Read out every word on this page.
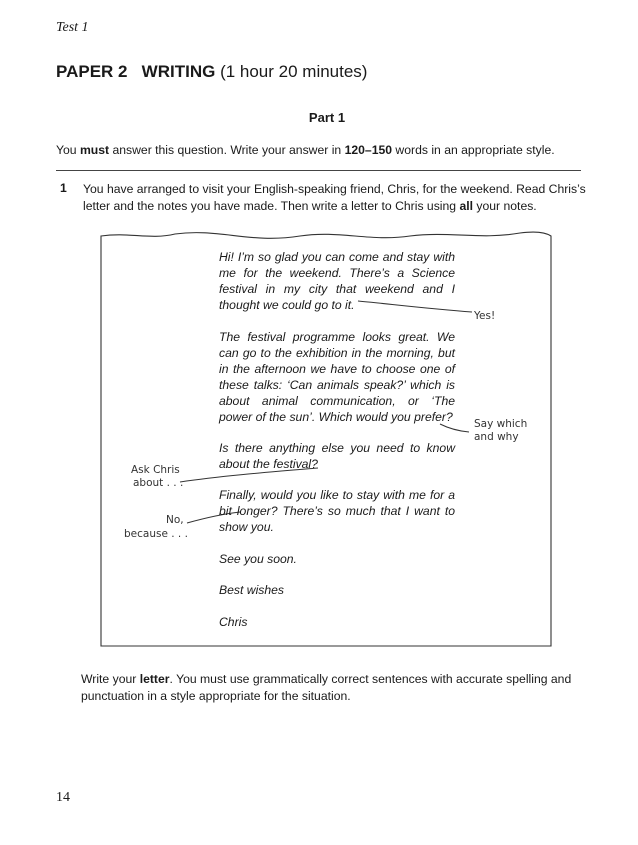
Test 1
PAPER 2 WRITING (1 hour 20 minutes)
Part 1
You must answer this question. Write your answer in 120–150 words in an appropriate style.
1 You have arranged to visit your English-speaking friend, Chris, for the weekend. Read Chris’s letter and the notes you have made. Then write a letter to Chris using all your notes.

Hi! I’m so glad you can come and stay with me for the weekend. There’s a Science festival in my city that weekend and I thought we could go to it.

The festival programme looks great. We can go to the exhibition in the morning, but in the afternoon we have to choose one of these talks: ‘Can animals speak?’ which is about animal communication, or ‘The power of the sun’. Which would you prefer?

Is there anything else you need to know about the festival?

Finally, would you like to stay with me for a bit longer? There’s so much that I want to show you.

See you soon.

Best wishes

Chris

Yes!
Say which
and why
Ask Chris
about . . .
No,
because . . .
Write your letter. You must use grammatically correct sentences with accurate spelling and punctuation in a style appropriate for the situation.
14
